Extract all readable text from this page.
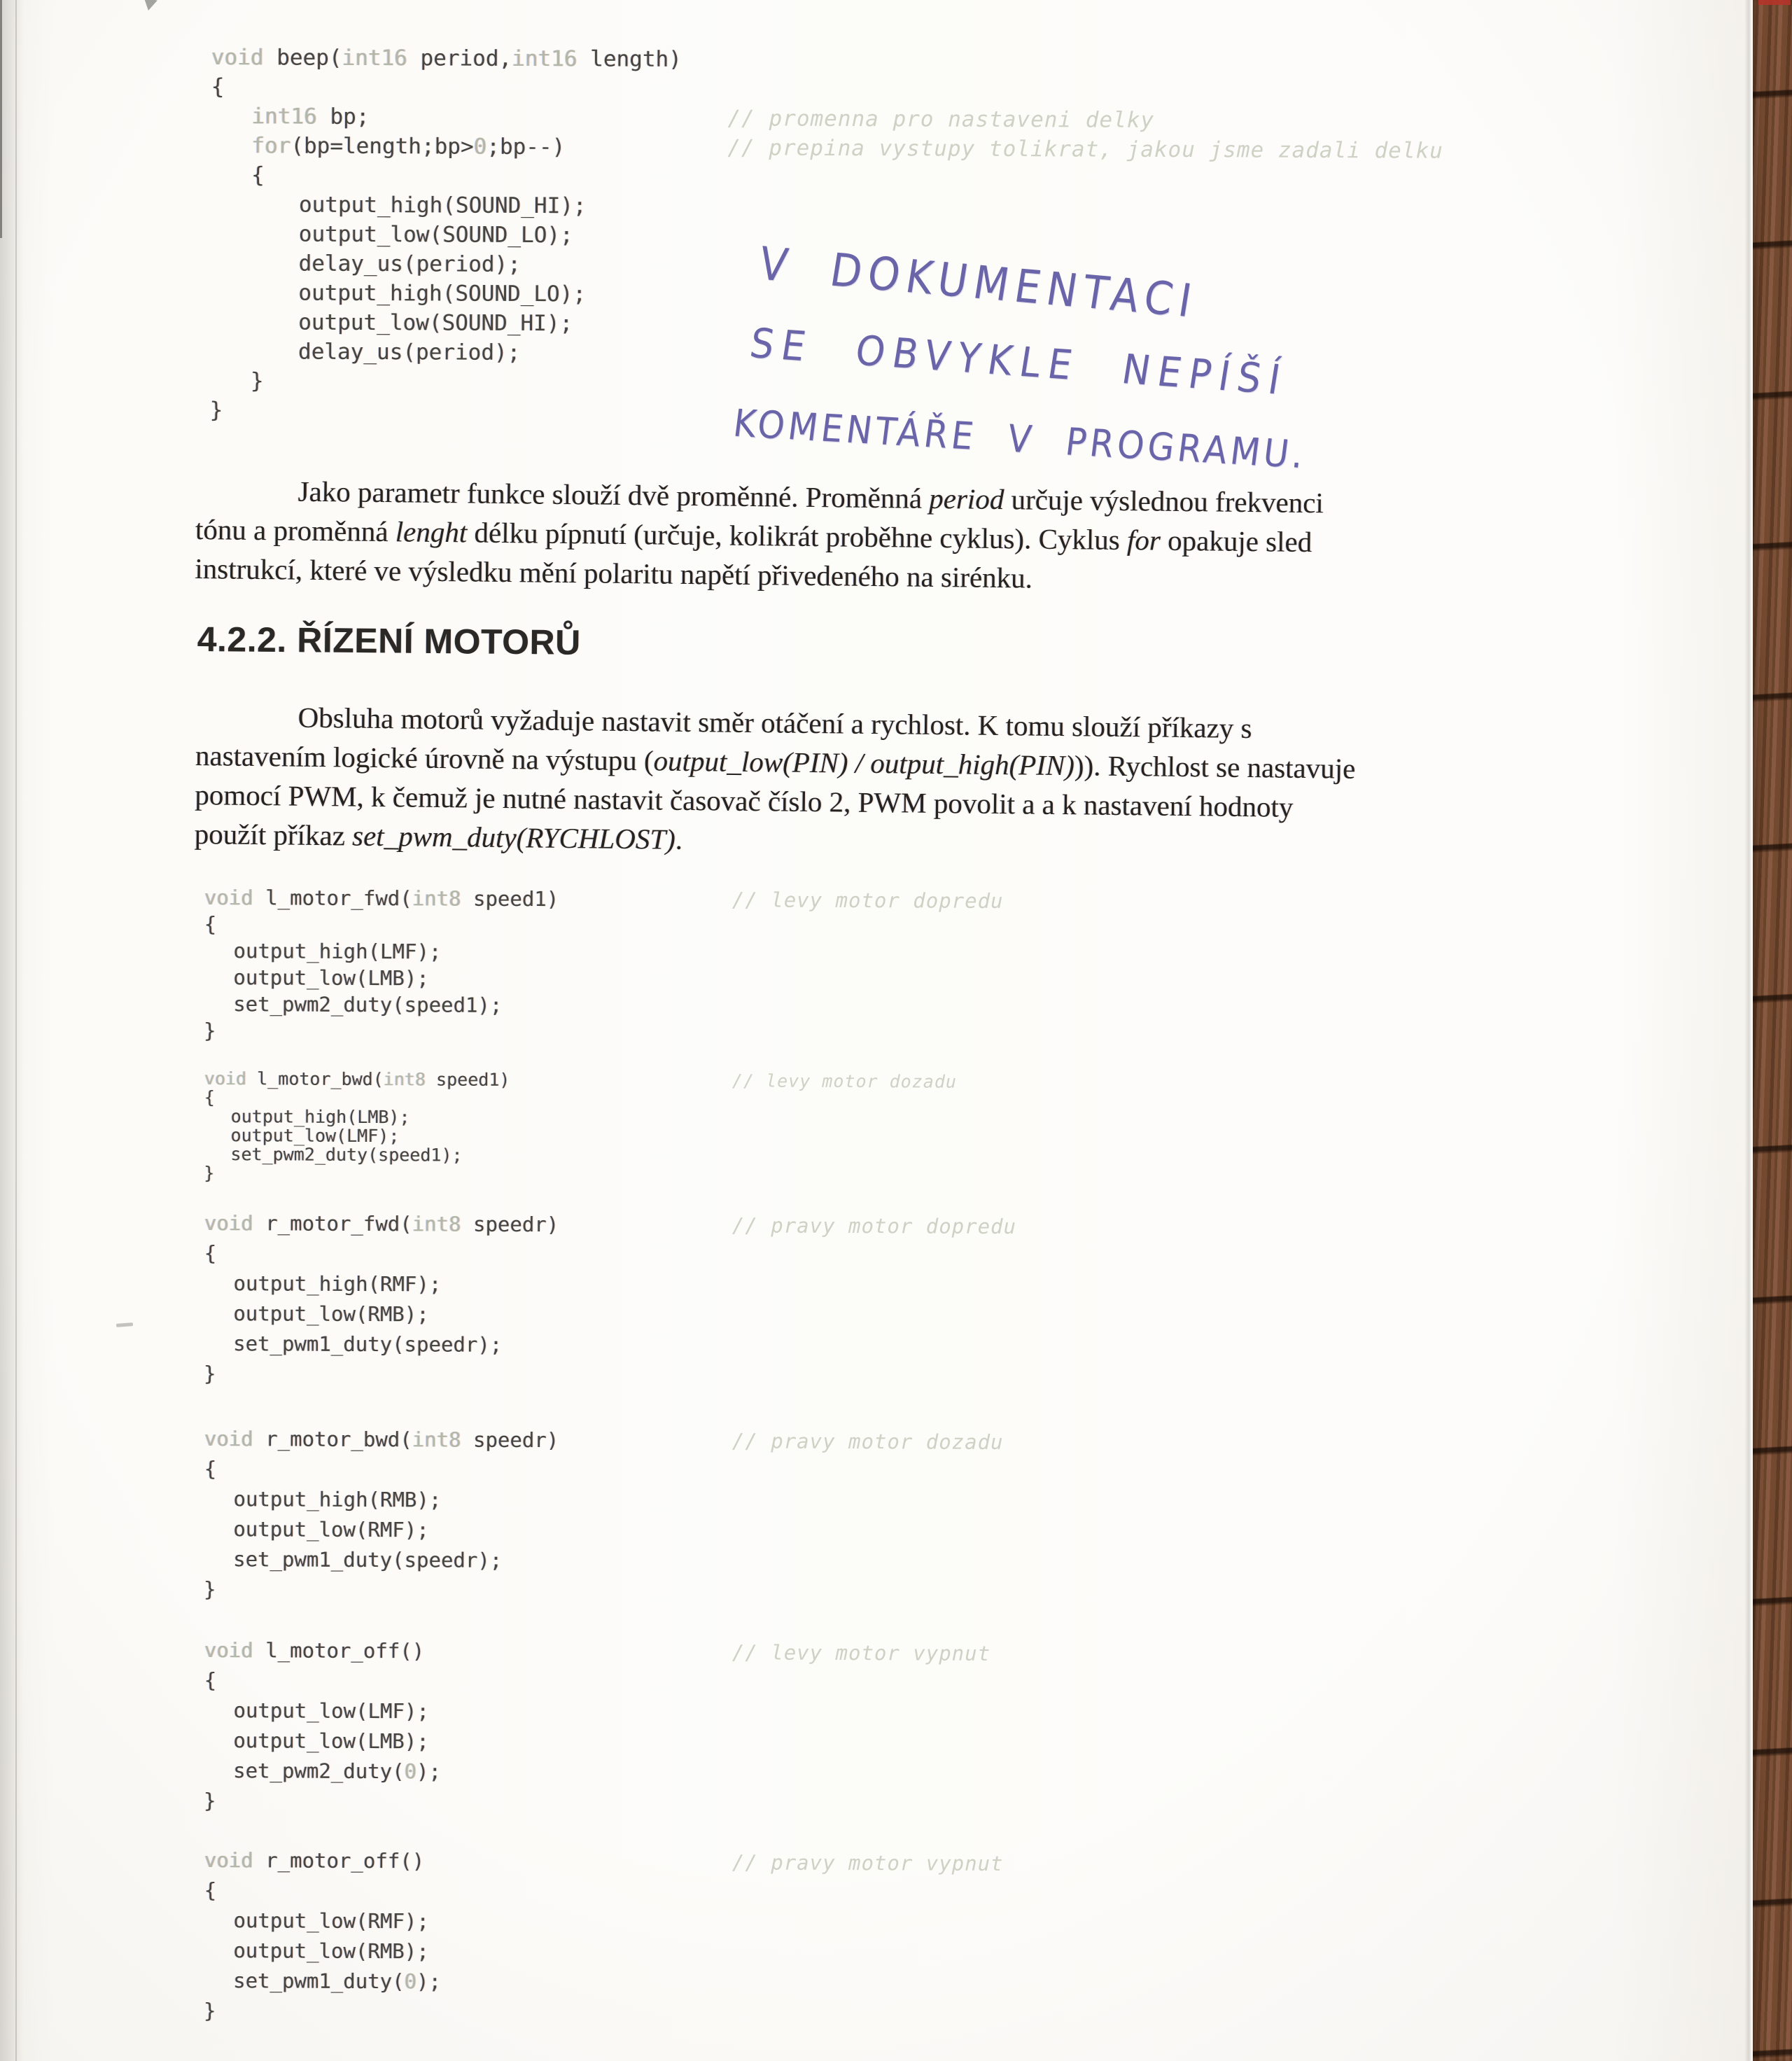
V DOKUMENTACI
SE OBVYKLE NEPÍŠÍ
KOMENTÁŘE V PROGRAMU.
Jako parametr funkce slouží dvě proměnné. Proměnná period určuje výslednou frekvenci
tónu a proměnná lenght délku pípnutí (určuje, kolikrát proběhne cyklus). Cyklus for opakuje sled
instrukcí, které ve výsledku mění polaritu napětí přivedeného na sirénku.
4.2.2. ŘÍZENÍ MOTORŮ
Obsluha motorů vyžaduje nastavit směr otáčení a rychlost. K tomu slouží příkazy s
nastavením logické úrovně na výstupu (output_low(PIN) / output_high(PIN))). Rychlost se nastavuje
pomocí PWM, k čemuž je nutné nastavit časovač číslo 2, PWM povolit a a k nastavení hodnoty
použít příkaz set_pwm_duty(RYCHLOST).
void beep(int16 period,int16 length)
{
int16 bp;	// promenna pro nastaveni delky
for(bp=length;bp>0;bp--)	// prepina vystupy tolikrat, jakou jsme zadali delku
{
output_high(SOUND_HI);
output_low(SOUND_LO);
delay_us(period);
output_high(SOUND_LO);
output_low(SOUND_HI);
delay_us(period);
}
}
void l_motor_fwd(int8 speed1)	// levy motor dopredu
{
output_high(LMF);
output_low(LMB);
set_pwm2_duty(speed1);
}
void l_motor_bwd(int8 speed1)	// levy motor dozadu
{
output_high(LMB);
output_low(LMF);
set_pwm2_duty(speed1);
}
void r_motor_fwd(int8 speedr)	// pravy motor dopredu
{
output_high(RMF);
output_low(RMB);
set_pwm1_duty(speedr);
}
void r_motor_bwd(int8 speedr)	// pravy motor dozadu
{
output_high(RMB);
output_low(RMF);
set_pwm1_duty(speedr);
}
void l_motor_off()	// levy motor vypnut
{
output_low(LMF);
output_low(LMB);
set_pwm2_duty(0);
}
void r_motor_off()	// pravy motor vypnut
{
output_low(RMF);
output_low(RMB);
set_pwm1_duty(0);
}
